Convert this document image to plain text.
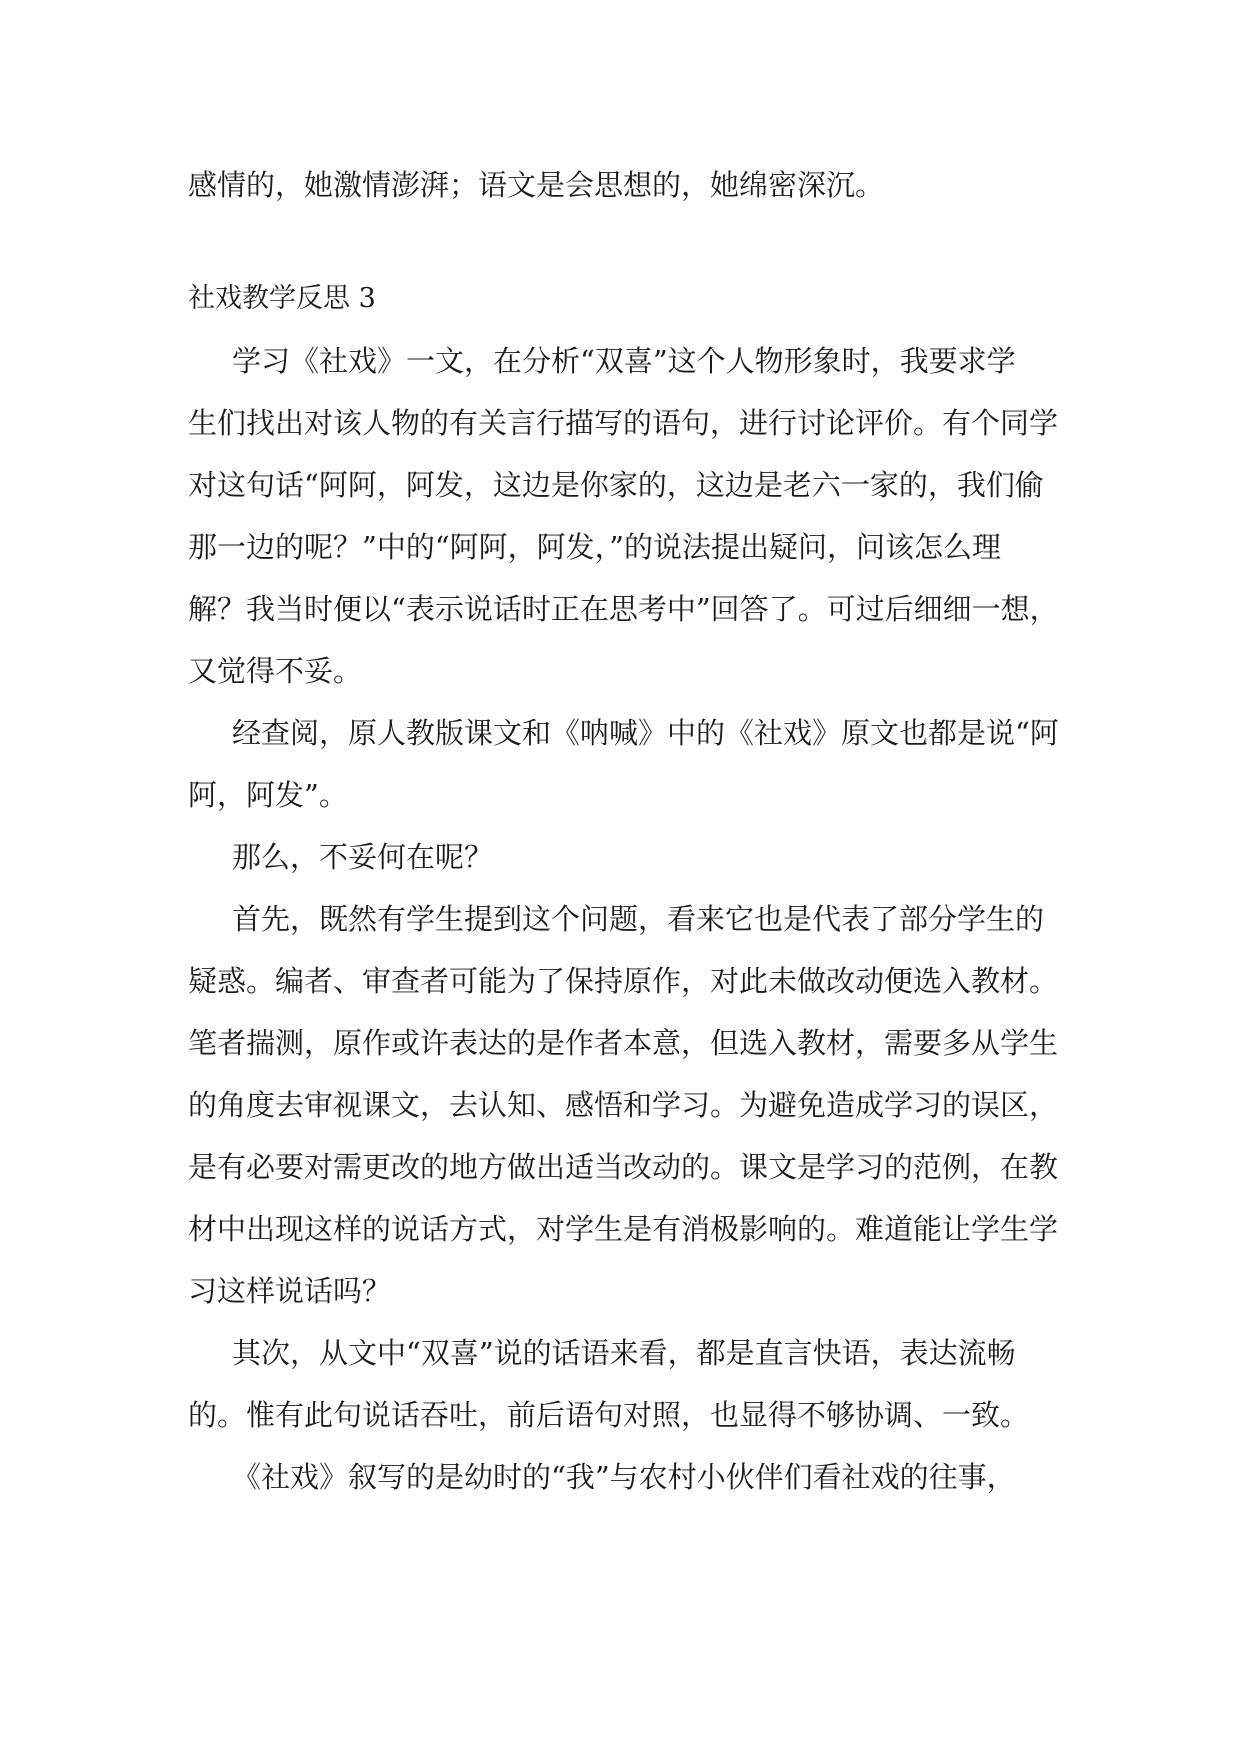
感情的，她激情澎湃；语文是会思想的，她绵密深沉。

社戏教学反思 3

学习《社戏》一文，在分析“双喜”这个人物形象时，我要求学

生们找出对该人物的有关言行描写的语句，进行讨论评价。有个同学

对这句话“阿阿，阿发，这边是你家的，这边是老六一家的，我们偷

那一边的呢？”中的“阿阿，阿发，”的说法提出疑问，问该怎么理

解？我当时便以“表示说话时正在思考中”回答了。可过后细细一想，

又觉得不妥。

经查阅，原人教版课文和《呐喊》中的《社戏》原文也都是说“阿

阿，阿发”。

那么，不妥何在呢？

首先，既然有学生提到这个问题，看来它也是代表了部分学生的

疑惑。编者、审查者可能为了保持原作，对此未做改动便选入教材。

笔者揣测，原作或许表达的是作者本意，但选入教材，需要多从学生

的角度去审视课文，去认知、感悟和学习。为避免造成学习的误区，

是有必要对需更改的地方做出适当改动的。课文是学习的范例，在教

材中出现这样的说话方式，对学生是有消极影响的。难道能让学生学

习这样说话吗？

其次，从文中“双喜”说的话语来看，都是直言快语，表达流畅

的。惟有此句说话吞吐，前后语句对照，也显得不够协调、一致。

《社戏》叙写的是幼时的“我”与农村小伙伴们看社戏的往事，
